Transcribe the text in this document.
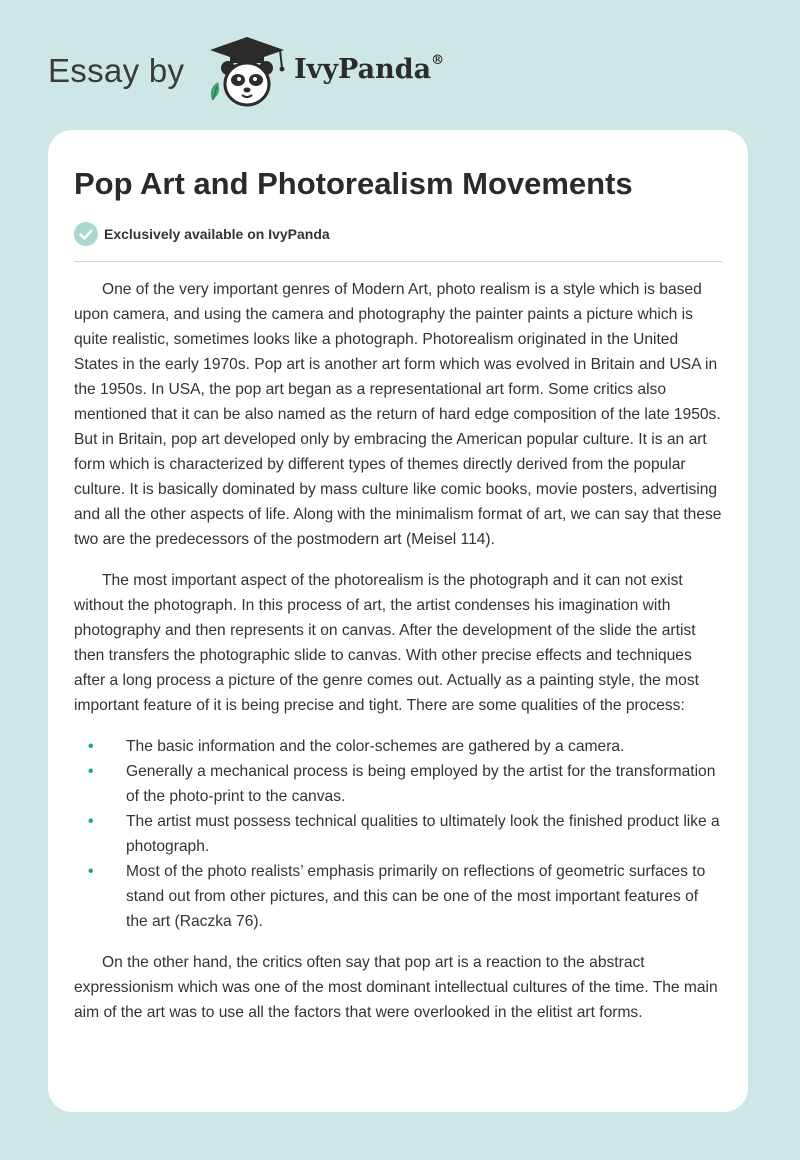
Essay by	IvyPanda®
Pop Art and Photorealism Movements
Exclusively available on IvyPanda

One of the very important genres of Modern Art, photo realism is a style which is based upon camera, and using the camera and photography the painter paints a picture which is quite realistic, sometimes looks like a photograph. Photorealism originated in the United States in the early 1970s. Pop art is another art form which was evolved in Britain and USA in the 1950s. In USA, the pop art began as a representational art form. Some critics also mentioned that it can be also named as the return of hard edge composition of the late 1950s. But in Britain, pop art developed only by embracing the American popular culture. It is an art form which is characterized by different types of themes directly derived from the popular culture. It is basically dominated by mass culture like comic books, movie posters, advertising and all the other aspects of life. Along with the minimalism format of art, we can say that these two are the predecessors of the postmodern art (Meisel 114).

The most important aspect of the photorealism is the photograph and it can not exist without the photograph. In this process of art, the artist condenses his imagination with photography and then represents it on canvas. After the development of the slide the artist then transfers the photographic slide to canvas. With other precise effects and techniques after a long process a picture of the genre comes out. Actually as a painting style, the most important feature of it is being precise and tight. There are some qualities of the process:

• The basic information and the color-schemes are gathered by a camera.
• Generally a mechanical process is being employed by the artist for the transformation of the photo-print to the canvas.
• The artist must possess technical qualities to ultimately look the finished product like a photograph.
• Most of the photo realists’ emphasis primarily on reflections of geometric surfaces to stand out from other pictures, and this can be one of the most important features of the art (Raczka 76).

On the other hand, the critics often say that pop art is a reaction to the abstract expressionism which was one of the most dominant intellectual cultures of the time. The main aim of the art was to use all the factors that were overlooked in the elitist art forms.
